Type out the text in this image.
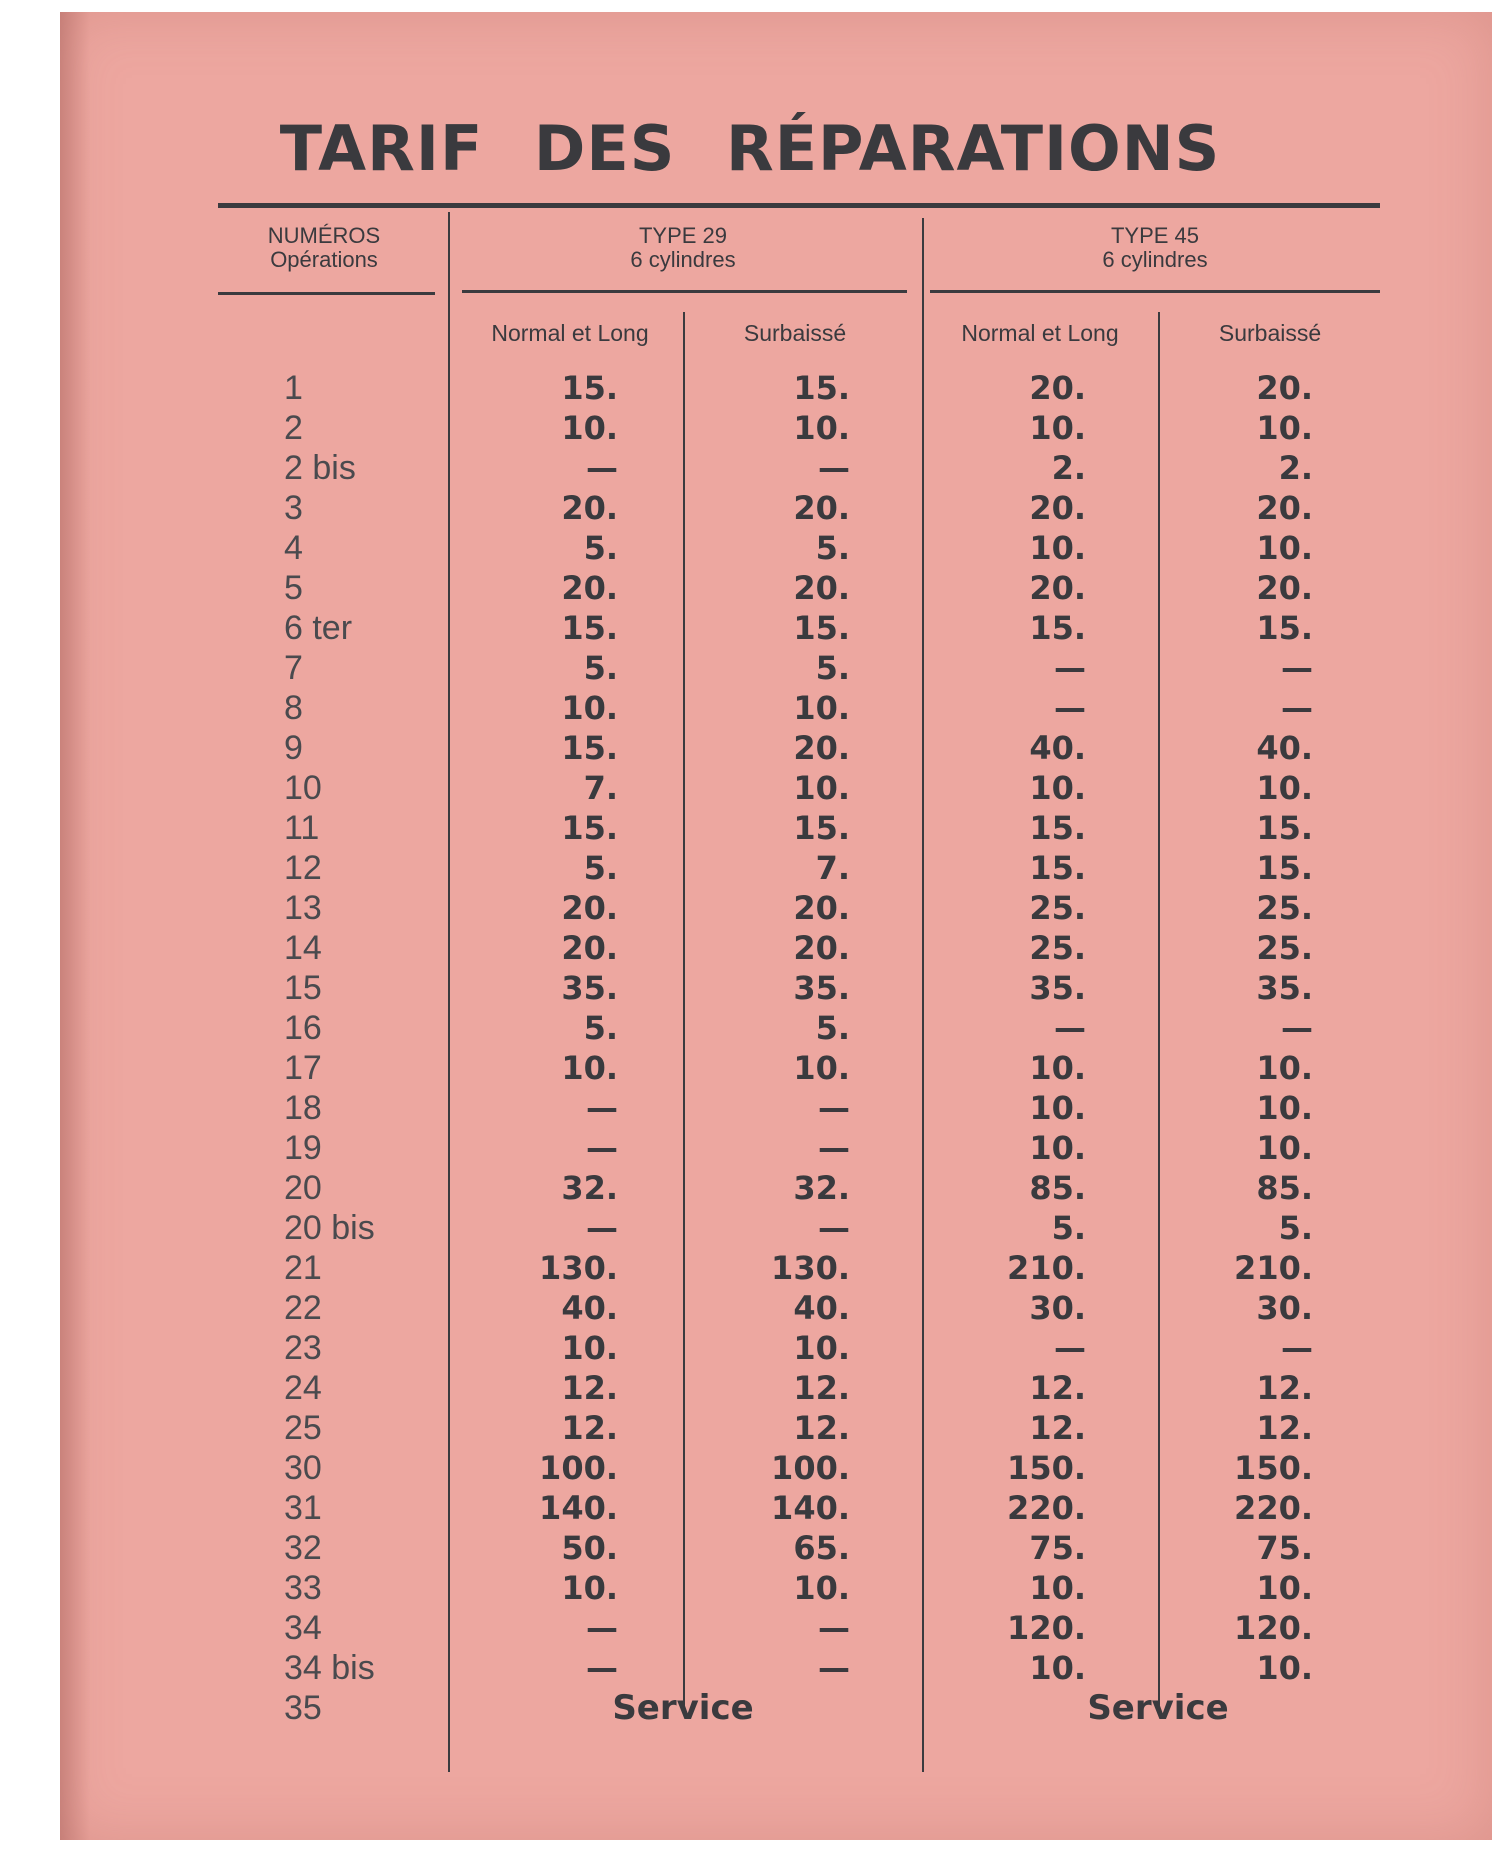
TARIF DES RÉPARATIONS
NUMÉROS
Opérations
TYPE 29
6 cylindres
TYPE 45
6 cylindres
Normal et Long	Surbaissé	Normal et Long	Surbaissé
1	15.	15.	20.	20.
2	10.	10.	10.	10.
2 bis	—	—	2.	2.
3	20.	20.	20.	20.
4	5.	5.	10.	10.
5	20.	20.	20.	20.
6 ter	15.	15.	15.	15.
7	5.	5.	—	—
8	10.	10.	—	—
9	15.	20.	40.	40.
10	7.	10.	10.	10.
11	15.	15.	15.	15.
12	5.	7.	15.	15.
13	20.	20.	25.	25.
14	20.	20.	25.	25.
15	35.	35.	35.	35.
16	5.	5.	—	—
17	10.	10.	10.	10.
18	—	—	10.	10.
19	—	—	10.	10.
20	32.	32.	85.	85.
20 bis	—	—	5.	5.
21	130.	130.	210.	210.
22	40.	40.	30.	30.
23	10.	10.	—	—
24	12.	12.	12.	12.
25	12.	12.	12.	12.
30	100.	100.	150.	150.
31	140.	140.	220.	220.
32	50.	65.	75.	75.
33	10.	10.	10.	10.
34	—	—	120.	120.
34 bis	—	—	10.	10.
35	Service	Service
